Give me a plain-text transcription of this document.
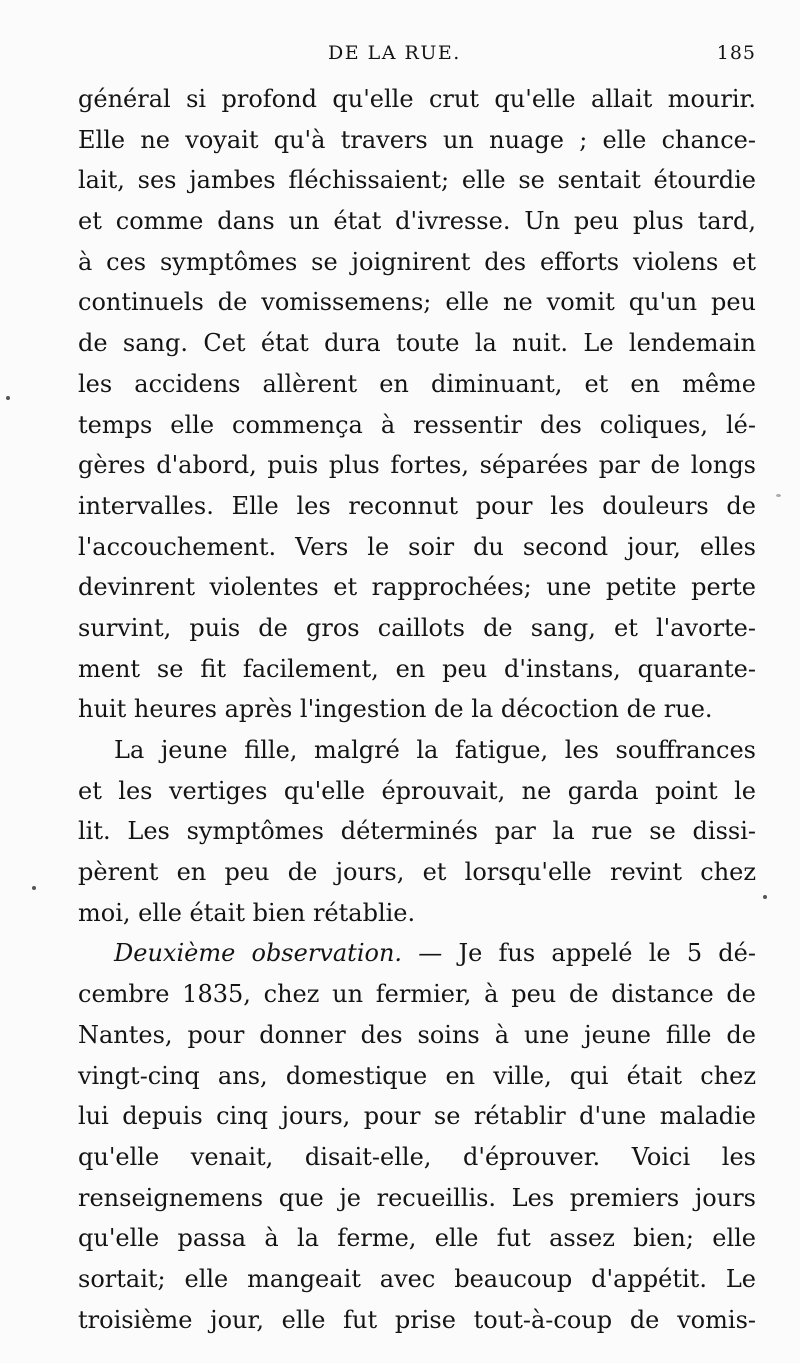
DE LA RUE.	185
général si profond qu'elle crut qu'elle allait mourir.
Elle ne voyait qu'à travers un nuage ; elle chance-
lait, ses jambes fléchissaient; elle se sentait étourdie
et comme dans un état d'ivresse. Un peu plus tard,
à ces symptômes se joignirent des efforts violens et
continuels de vomissemens; elle ne vomit qu'un peu
de sang. Cet état dura toute la nuit. Le lendemain
les accidens allèrent en diminuant, et en même
temps elle commença à ressentir des coliques, lé-
gères d'abord, puis plus fortes, séparées par de longs
intervalles. Elle les reconnut pour les douleurs de
l'accouchement. Vers le soir du second jour, elles
devinrent violentes et rapprochées; une petite perte
survint, puis de gros caillots de sang, et l'avorte-
ment se fit facilement, en peu d'instans, quarante-
huit heures après l'ingestion de la décoction de rue.
La jeune fille, malgré la fatigue, les souffrances
et les vertiges qu'elle éprouvait, ne garda point le
lit. Les symptômes déterminés par la rue se dissi-
pèrent en peu de jours, et lorsqu'elle revint chez
moi, elle était bien rétablie.
Deuxième observation. — Je fus appelé le 5 dé-
cembre 1835, chez un fermier, à peu de distance de
Nantes, pour donner des soins à une jeune fille de
vingt-cinq ans, domestique en ville, qui était chez
lui depuis cinq jours, pour se rétablir d'une maladie
qu'elle venait, disait-elle, d'éprouver. Voici les
renseignemens que je recueillis. Les premiers jours
qu'elle passa à la ferme, elle fut assez bien; elle
sortait; elle mangeait avec beaucoup d'appétit. Le
troisième jour, elle fut prise tout-à-coup de vomis-
